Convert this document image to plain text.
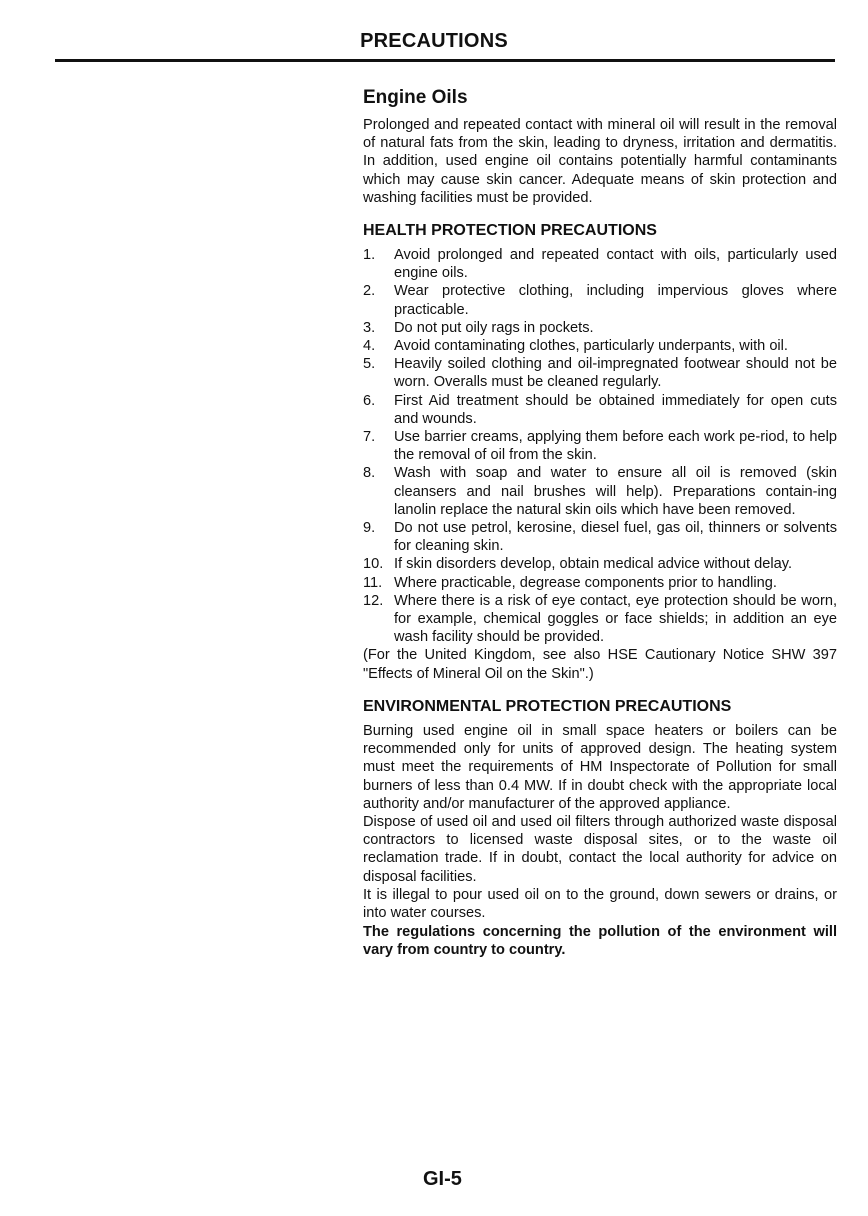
PRECAUTIONS
Engine Oils

Prolonged and repeated contact with mineral oil will result in the removal of natural fats from the skin, leading to dryness, irritation and dermatitis. In addition, used engine oil contains potentially harmful contaminants which may cause skin cancer. Adequate means of skin protection and washing facilities must be provided.

HEALTH PROTECTION PRECAUTIONS
1. Avoid prolonged and repeated contact with oils, particularly used engine oils.
2. Wear protective clothing, including impervious gloves where practicable.
3. Do not put oily rags in pockets.
4. Avoid contaminating clothes, particularly underpants, with oil.
5. Heavily soiled clothing and oil-impregnated footwear should not be worn. Overalls must be cleaned regularly.
6. First Aid treatment should be obtained immediately for open cuts and wounds.
7. Use barrier creams, applying them before each work pe-riod, to help the removal of oil from the skin.
8. Wash with soap and water to ensure all oil is removed (skin cleansers and nail brushes will help). Preparations contain-ing lanolin replace the natural skin oils which have been removed.
9. Do not use petrol, kerosine, diesel fuel, gas oil, thinners or solvents for cleaning skin.
10. If skin disorders develop, obtain medical advice without delay.
11. Where practicable, degrease components prior to handling.
12. Where there is a risk of eye contact, eye protection should be worn, for example, chemical goggles or face shields; in addition an eye wash facility should be provided.

(For the United Kingdom, see also HSE Cautionary Notice SHW 397 "Effects of Mineral Oil on the Skin".)

ENVIRONMENTAL PROTECTION PRECAUTIONS

Burning used engine oil in small space heaters or boilers can be recommended only for units of approved design. The heating system must meet the requirements of HM Inspectorate of Pollution for small burners of less than 0.4 MW. If in doubt check with the appropriate local authority and/or manufacturer of the approved appliance.

Dispose of used oil and used oil filters through authorized waste disposal contractors to licensed waste disposal sites, or to the waste oil reclamation trade. If in doubt, contact the local authority for advice on disposal facilities.

It is illegal to pour used oil on to the ground, down sewers or drains, or into water courses.

The regulations concerning the pollution of the environment will vary from country to country.

GI-5
